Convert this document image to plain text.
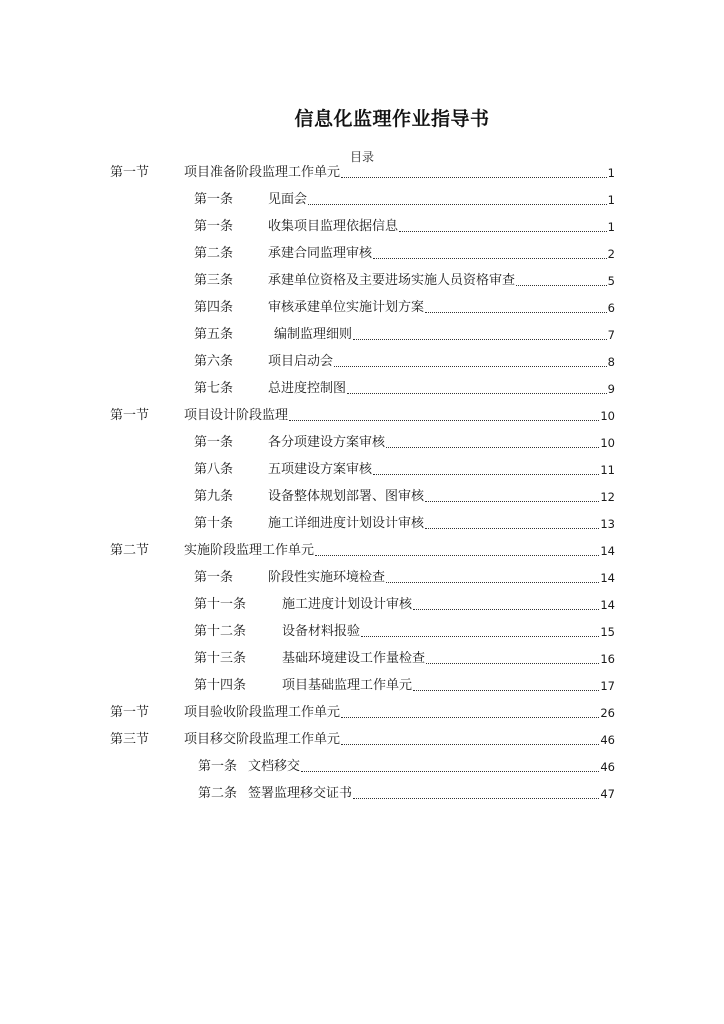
信息化监理作业指导书
目录
第一节	项目准备阶段监理工作单元	1
第一条	见面会	1
第一条	收集项目监理依据信息	1
第二条	承建合同监理审核	2
第三条	承建单位资格及主要进场实施人员资格审查	5
第四条	审核承建单位实施计划方案	6
第五条	编制监理细则	7
第六条	项目启动会	8
第七条	总进度控制图	9
第一节	项目设计阶段监理	10
第一条	各分项建设方案审核	10
第八条	五项建设方案审核	11
第九条	设备整体规划部署、图审核	12
第十条	施工详细进度计划设计审核	13
第二节	实施阶段监理工作单元	14
第一条	阶段性实施环境检查	14
第十一条	施工进度计划设计审核	14
第十二条	设备材料报验	15
第十三条	基础环境建设工作量检查	16
第十四条	项目基础监理工作单元	17
第一节	项目验收阶段监理工作单元	26
第三节	项目移交阶段监理工作单元	46
第一条 文档移交	46
第二条 签署监理移交证书	47
